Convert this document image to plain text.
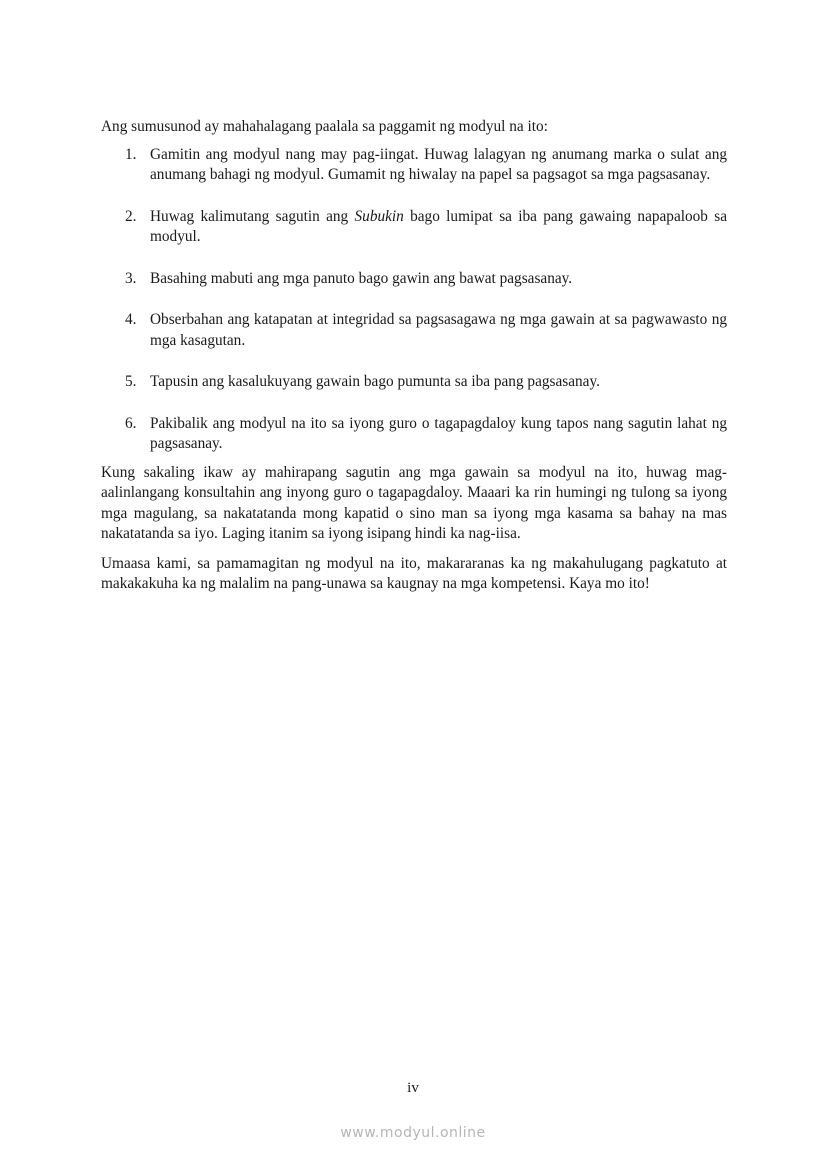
Ang sumusunod ay mahahalagang paalala sa paggamit ng modyul na ito:

1. Gamitin ang modyul nang may pag-iingat. Huwag lalagyan ng anumang marka o sulat ang anumang bahagi ng modyul. Gumamit ng hiwalay na papel sa pagsagot sa mga pagsasanay.
2. Huwag kalimutang sagutin ang Subukin bago lumipat sa iba pang gawaing napapaloob sa modyul.
3. Basahing mabuti ang mga panuto bago gawin ang bawat pagsasanay.
4. Obserbahan ang katapatan at integridad sa pagsasagawa ng mga gawain at sa pagwawasto ng mga kasagutan.
5. Tapusin ang kasalukuyang gawain bago pumunta sa iba pang pagsasanay.
6. Pakibalik ang modyul na ito sa iyong guro o tagapagdaloy kung tapos nang sagutin lahat ng pagsasanay.

Kung sakaling ikaw ay mahirapang sagutin ang mga gawain sa modyul na ito, huwag mag-aalinlangang konsultahin ang inyong guro o tagapagdaloy. Maaari ka rin humingi ng tulong sa iyong mga magulang, sa nakatatanda mong kapatid o sino man sa iyong mga kasama sa bahay na mas nakatatanda sa iyo. Laging itanim sa iyong isipang hindi ka nag-iisa.

Umaasa kami, sa pamamagitan ng modyul na ito, makararanas ka ng makahulugang pagkatuto at makakakuha ka ng malalim na pang-unawa sa kaugnay na mga kompetensi. Kaya mo ito!

iv
www.modyul.online
